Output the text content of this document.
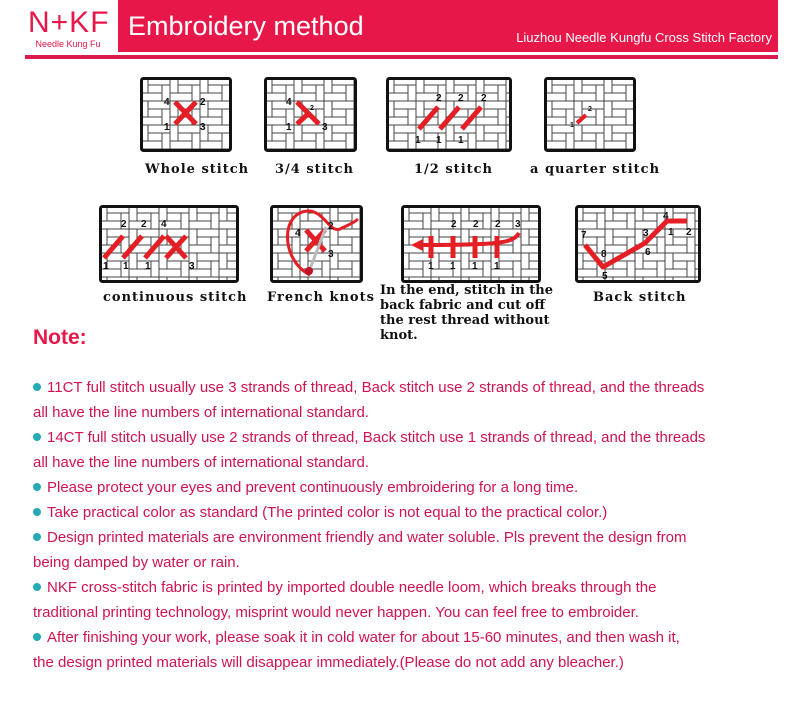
N+KF
Needle Kung Fu
Embroidery method	Liuzhou Needle Kungfu Cross Stitch Factory
4	2
1	3
Whole stitch
4
2
1	3
3/4 stitch
2 2 2
1 1 1
1/2 stitch
2
1
a quarter stitch
2 2 4
1 1 1	3
continuous stitch
4
2
3
French knots
2 2 2 3
1 1 1 1
In the end, stitch in the back fabric and cut off the rest thread without knot.
4
2
7	3 1
6
8
5
Back stitch
Note:
11CT full stitch usually use 3 strands of thread, Back stitch use 2 strands of thread, and the threads
all have the line numbers of international standard.
14CT full stitch usually use 2 strands of thread, Back stitch use 1 strands of thread, and the threads
all have the line numbers of international standard.
Please protect your eyes and prevent continuously embroidering for a long time.
Take practical color as standard (The printed color is not equal to the practical color.)
Design printed materials are environment friendly and water soluble. Pls prevent the design from
being damped by water or rain.
NKF cross-stitch fabric is printed by imported double needle loom, which breaks through the
traditional printing technology, misprint would never happen. You can feel free to embroider.
After finishing your work, please soak it in cold water for about 15-60 minutes, and then wash it,
the design printed materials will disappear immediately.(Please do not add any bleacher.)
